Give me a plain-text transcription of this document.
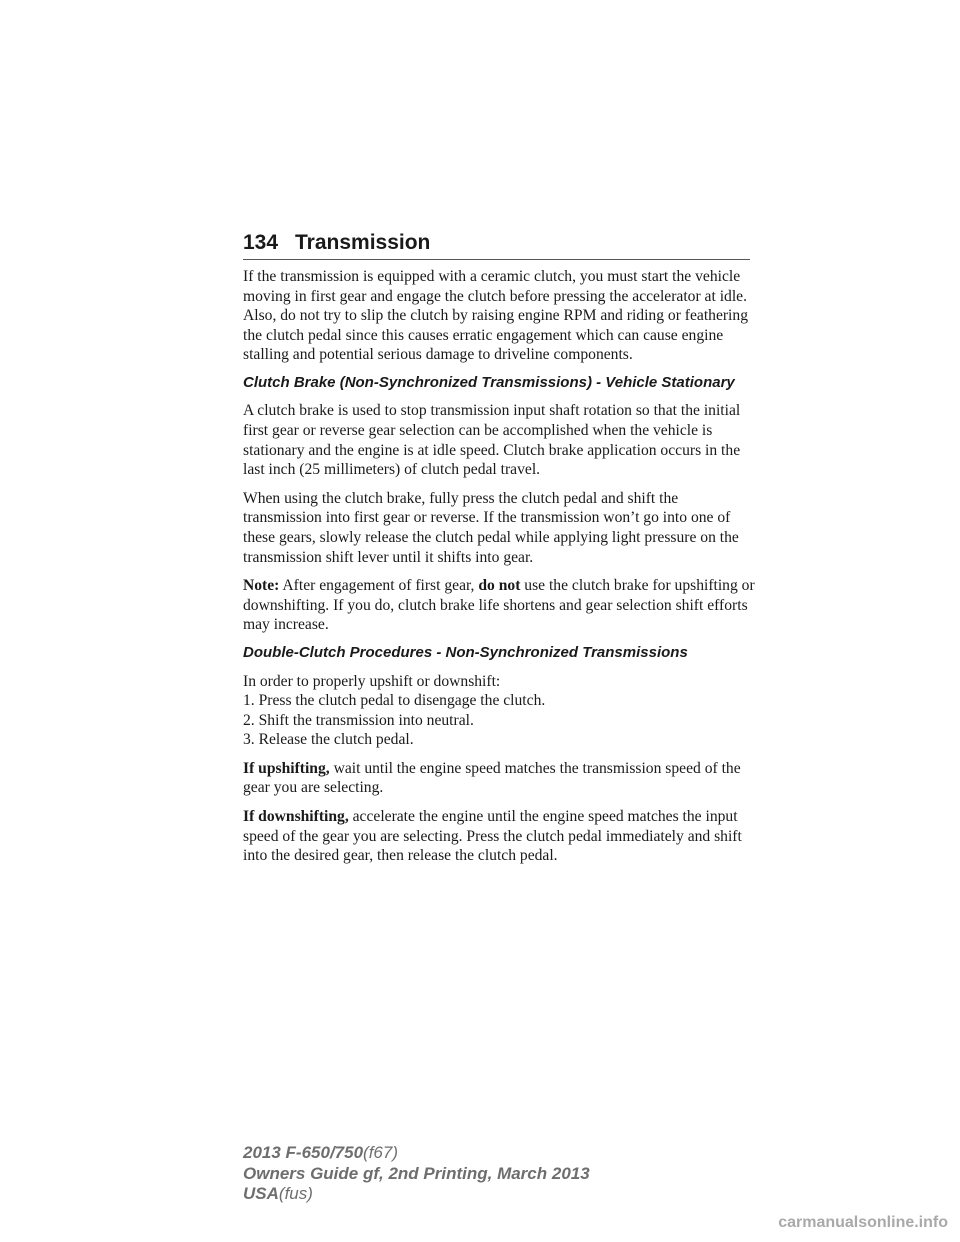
134 Transmission

If the transmission is equipped with a ceramic clutch, you must start the vehicle moving in first gear and engage the clutch before pressing the accelerator at idle. Also, do not try to slip the clutch by raising engine RPM and riding or feathering the clutch pedal since this causes erratic engagement which can cause engine stalling and potential serious damage to driveline components.

Clutch Brake (Non-Synchronized Transmissions) - Vehicle Stationary

A clutch brake is used to stop transmission input shaft rotation so that the initial first gear or reverse gear selection can be accomplished when the vehicle is stationary and the engine is at idle speed. Clutch brake application occurs in the last inch (25 millimeters) of clutch pedal travel.

When using the clutch brake, fully press the clutch pedal and shift the transmission into first gear or reverse. If the transmission won’t go into one of these gears, slowly release the clutch pedal while applying light pressure on the transmission shift lever until it shifts into gear.

Note: After engagement of first gear, do not use the clutch brake for upshifting or downshifting. If you do, clutch brake life shortens and gear selection shift efforts may increase.

Double-Clutch Procedures - Non-Synchronized Transmissions
In order to properly upshift or downshift:
1. Press the clutch pedal to disengage the clutch.
2. Shift the transmission into neutral.
3. Release the clutch pedal.

If upshifting, wait until the engine speed matches the transmission speed of the gear you are selecting.

If downshifting, accelerate the engine until the engine speed matches the input speed of the gear you are selecting. Press the clutch pedal immediately and shift into the desired gear, then release the clutch pedal.

2013 F-650/750(f67)
Owners Guide gf, 2nd Printing, March 2013
USA(fus)
carmanualsonline.info
